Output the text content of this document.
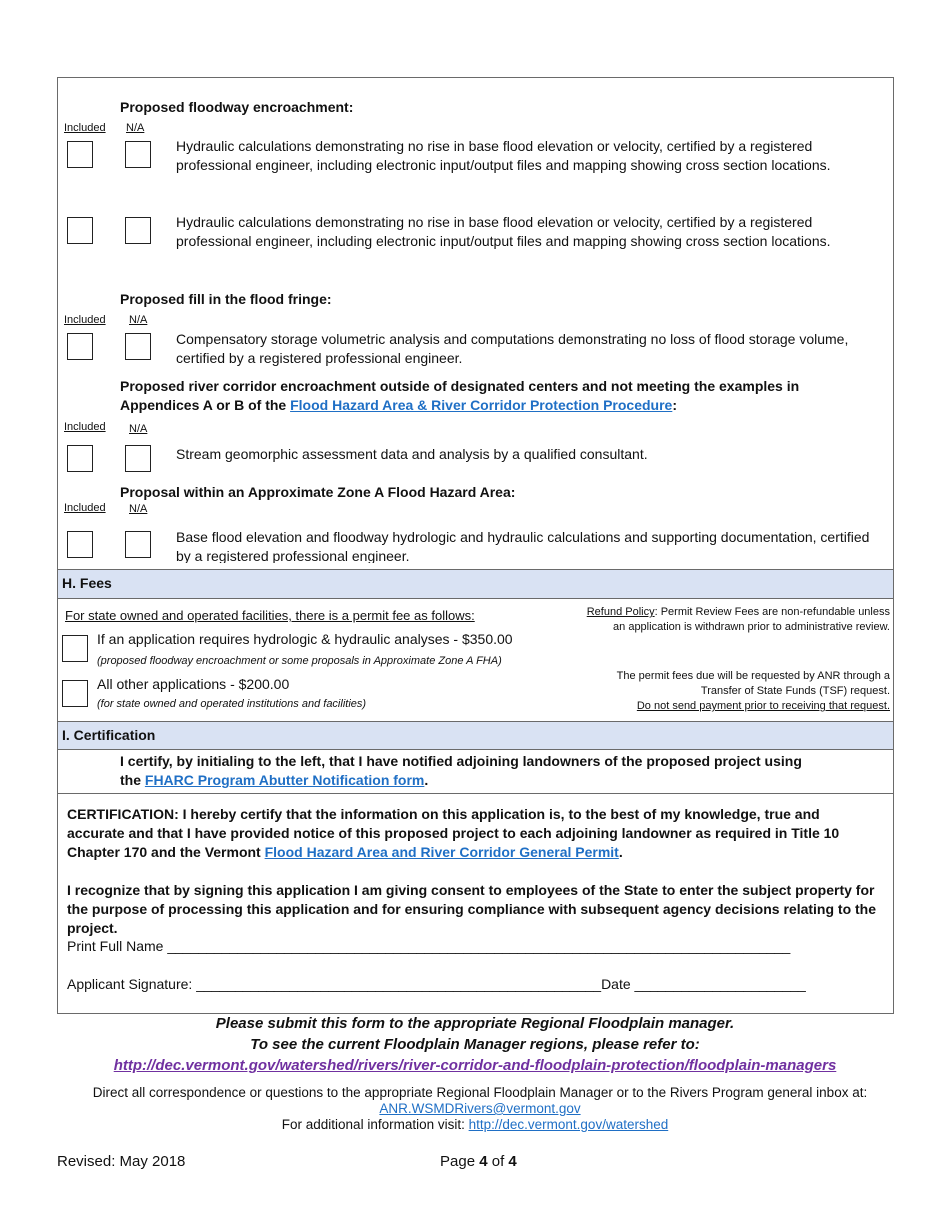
Proposed floodway encroachment:
Included N/A
Hydraulic calculations demonstrating no rise in base flood elevation or velocity, certified by a registered professional engineer, including electronic input/output files and mapping showing cross section locations.
Hydraulic calculations demonstrating no rise in base flood elevation or velocity, certified by a registered professional engineer, including electronic input/output files and mapping showing cross section locations.
Proposed fill in the flood fringe:
Included N/A
Compensatory storage volumetric analysis and computations demonstrating no loss of flood storage volume, certified by a registered professional engineer.
Proposed river corridor encroachment outside of designated centers and not meeting the examples in Appendices A or B of the Flood Hazard Area & River Corridor Protection Procedure:
Included N/A
Stream geomorphic assessment data and analysis by a qualified consultant.
Proposal within an Approximate Zone A Flood Hazard Area:
Included N/A
Base flood elevation and floodway hydrologic and hydraulic calculations and supporting documentation, certified by a registered professional engineer.
H. Fees
For state owned and operated facilities, there is a permit fee as follows:
If an application requires hydrologic & hydraulic analyses - $350.00
(proposed floodway encroachment or some proposals in Approximate Zone A FHA)
All other applications - $200.00
(for state owned and operated institutions and facilities)
Refund Policy: Permit Review Fees are non-refundable unless an application is withdrawn prior to administrative review.
The permit fees due will be requested by ANR through a Transfer of State Funds (TSF) request.
Do not send payment prior to receiving that request.
I. Certification
I certify, by initialing to the left, that I have notified adjoining landowners of the proposed project using the FHARC Program Abutter Notification form.
CERTIFICATION: I hereby certify that the information on this application is, to the best of my knowledge, true and accurate and that I have provided notice of this proposed project to each adjoining landowner as required in Title 10 Chapter 170 and the Vermont Flood Hazard Area and River Corridor General Permit.
I recognize that by signing this application I am giving consent to employees of the State to enter the subject property for the purpose of processing this application and for ensuring compliance with subsequent agency decisions relating to the project.
Print Full Name ________________________________________________________________________________
Applicant Signature: ____________________________________________________Date ______________________
Please submit this form to the appropriate Regional Floodplain manager.
To see the current Floodplain Manager regions, please refer to:
http://dec.vermont.gov/watershed/rivers/river-corridor-and-floodplain-protection/floodplain-managers
Direct all correspondence or questions to the appropriate Regional Floodplain Manager or to the Rivers Program general inbox at: ANR.WSMDRivers@vermont.gov
For additional information visit: http://dec.vermont.gov/watershed
Revised: May 2018	Page 4 of 4
